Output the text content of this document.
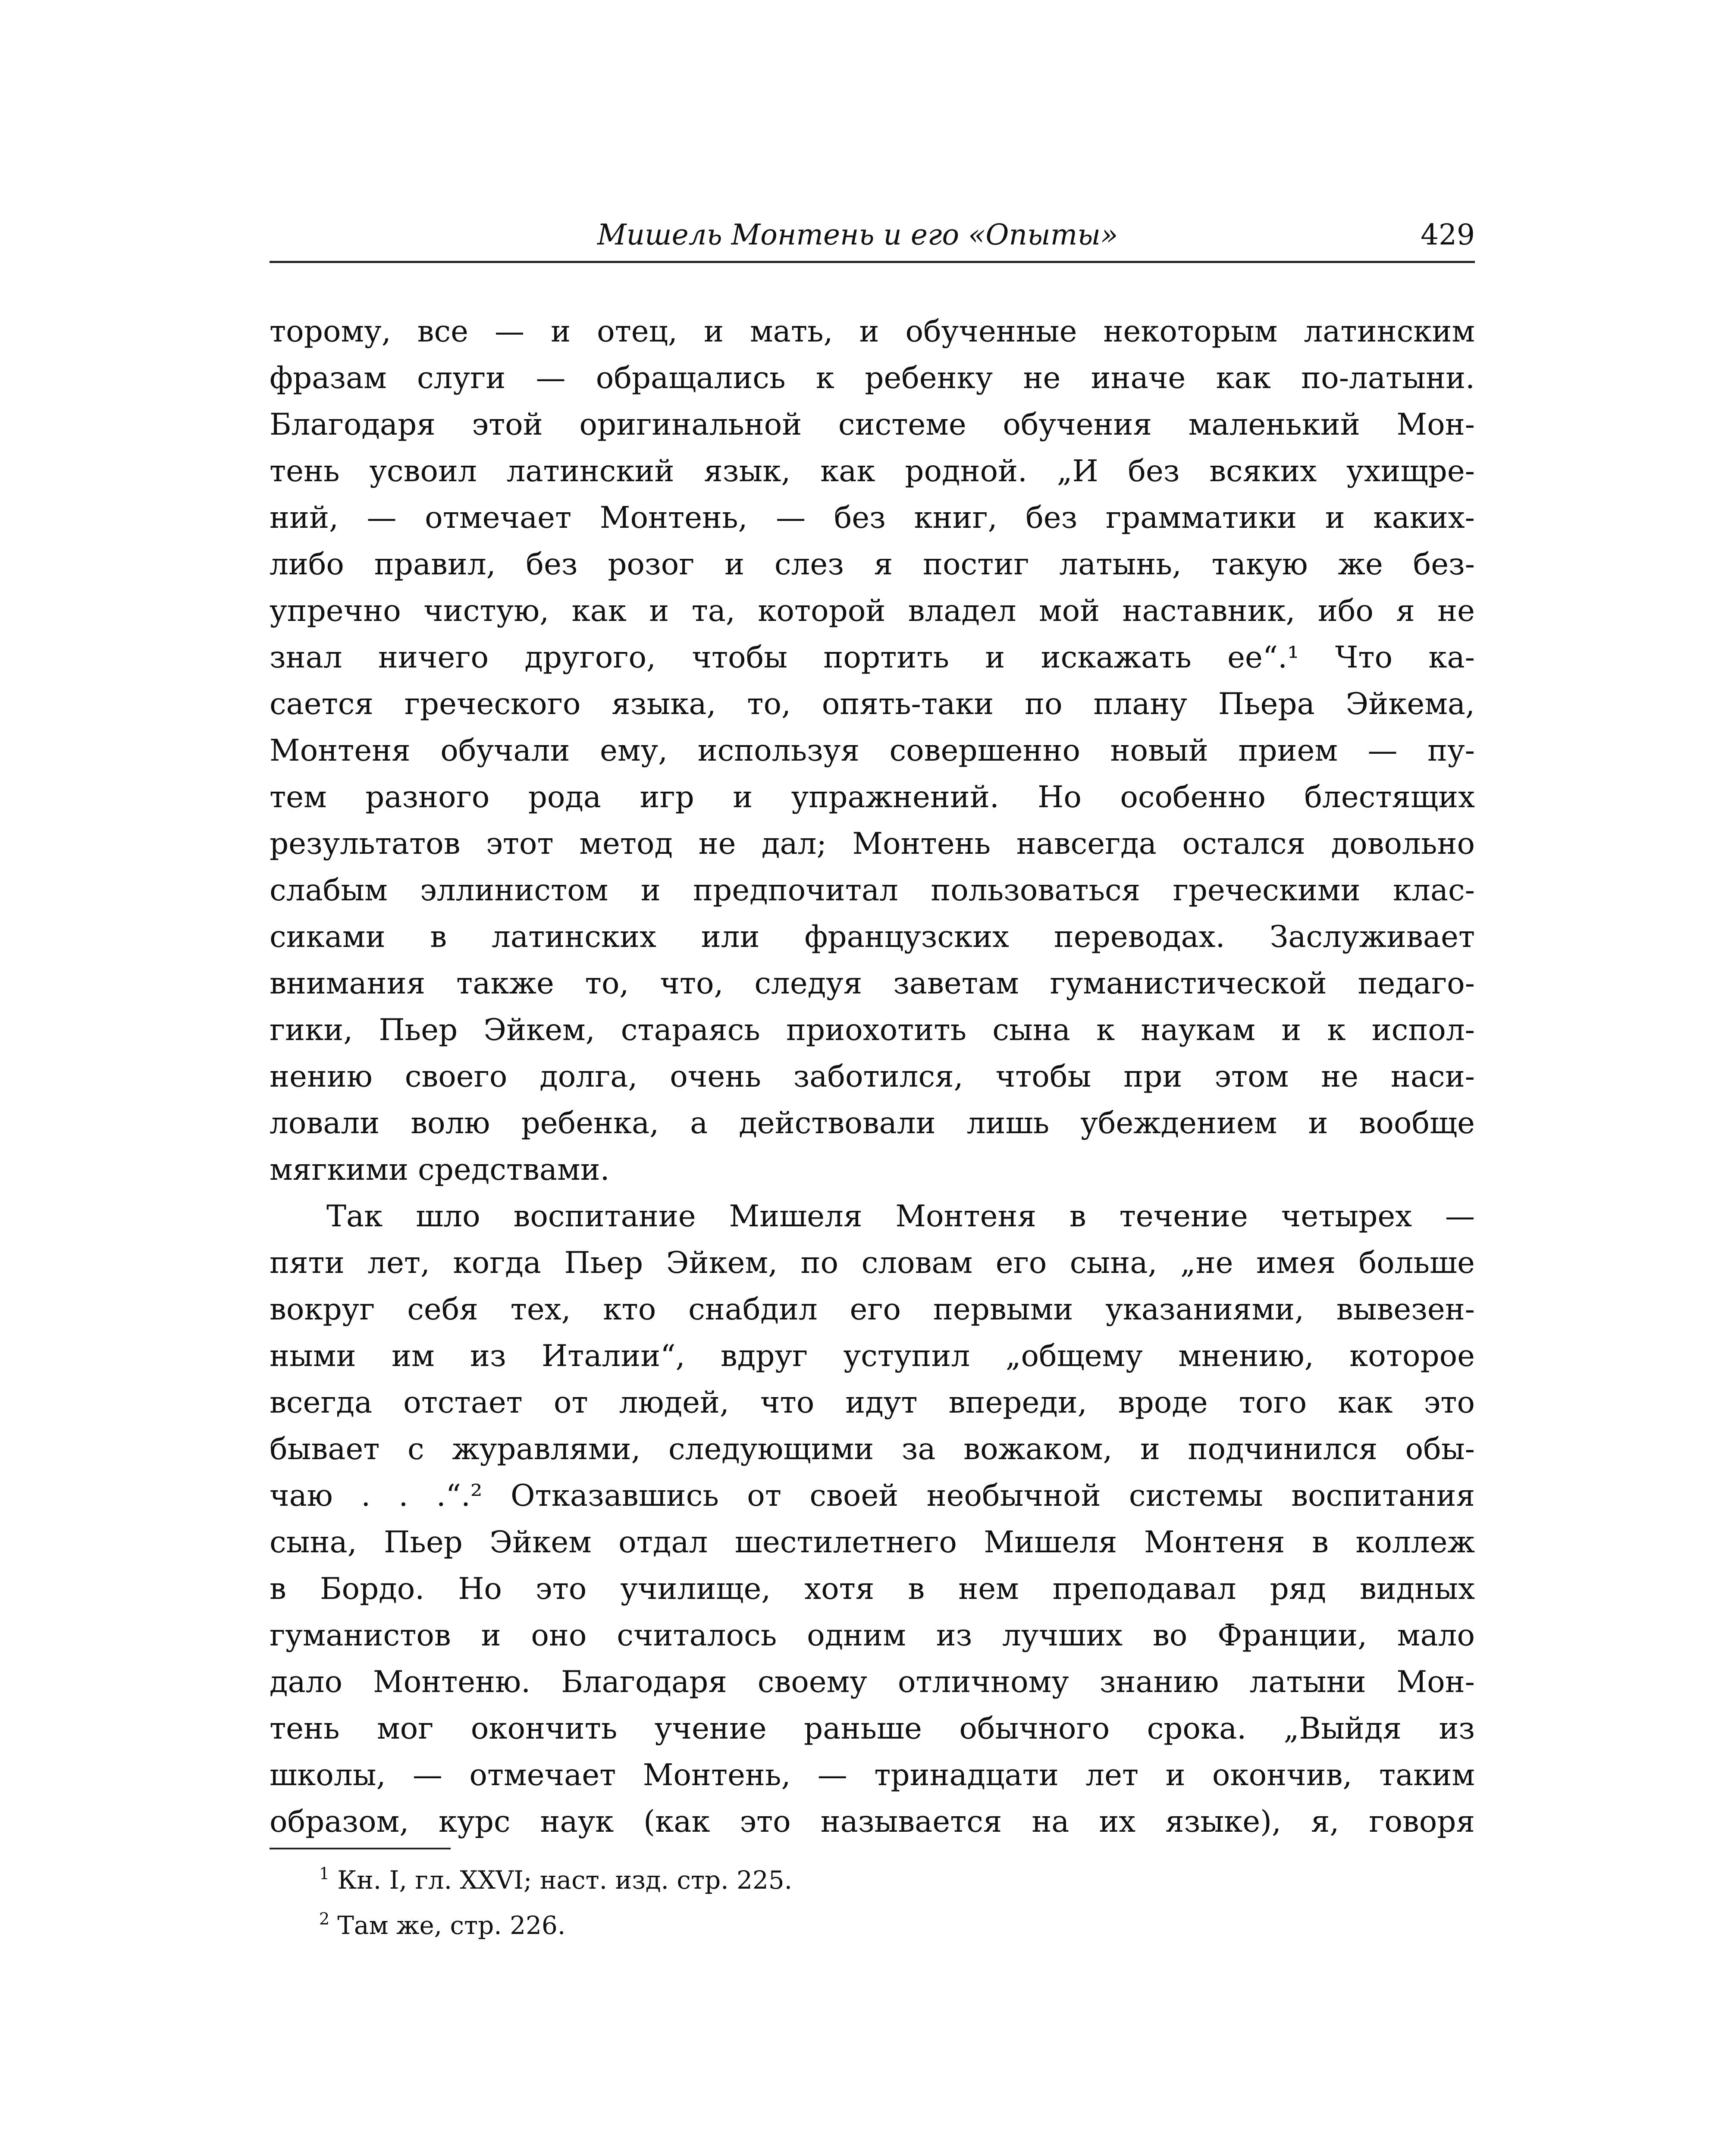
Мишель Монтень и его «Опыты»	429
торому, все — и отец, и мать, и обученные некоторым латинским
фразам слуги — обращались к ребенку не иначе как по-латыни.
Благодаря этой оригинальной системе обучения маленький Мон-
тень усвоил латинский язык, как родной. „И без всяких ухищре-
ний, — отмечает Монтень, — без книг, без грамматики и каких-
либо правил, без розог и слез я постиг латынь, такую же без-
упречно чистую, как и та, которой владел мой наставник, ибо я не
знал ничего другого, чтобы портить и искажать ее“.¹ Что ка-
сается греческого языка, то, опять-таки по плану Пьера Эйкема,
Монтеня обучали ему, используя совершенно новый прием — пу-
тем разного рода игр и упражнений. Но особенно блестящих
результатов этот метод не дал; Монтень навсегда остался довольно
слабым эллинистом и предпочитал пользоваться греческими клас-
сиками в латинских или французских переводах. Заслуживает
внимания также то, что, следуя заветам гуманистической педаго-
гики, Пьер Эйкем, стараясь приохотить сына к наукам и к испол-
нению своего долга, очень заботился, чтобы при этом не наси-
ловали волю ребенка, а действовали лишь убеждением и вообще
мягкими средствами.
Так шло воспитание Мишеля Монтеня в течение четырех —
пяти лет, когда Пьер Эйкем, по словам его сына, „не имея больше
вокруг себя тех, кто снабдил его первыми указаниями, вывезен-
ными им из Италии“, вдруг уступил „общему мнению, которое
всегда отстает от людей, что идут впереди, вроде того как это
бывает с журавлями, следующими за вожаком, и подчинился обы-
чаю . . .“.² Отказавшись от своей необычной системы воспитания
сына, Пьер Эйкем отдал шестилетнего Мишеля Монтеня в коллеж
в Бордо. Но это училище, хотя в нем преподавал ряд видных
гуманистов и оно считалось одним из лучших во Франции, мало
дало Монтеню. Благодаря своему отличному знанию латыни Мон-
тень мог окончить учение раньше обычного срока. „Выйдя из
школы, — отмечает Монтень, — тринадцати лет и окончив, таким
образом, курс наук (как это называется на их языке), я, говоря
$^1$ Кн. I, гл. XXVI; наст. изд. стр. 225.
$^2$ Там же, стр. 226.
